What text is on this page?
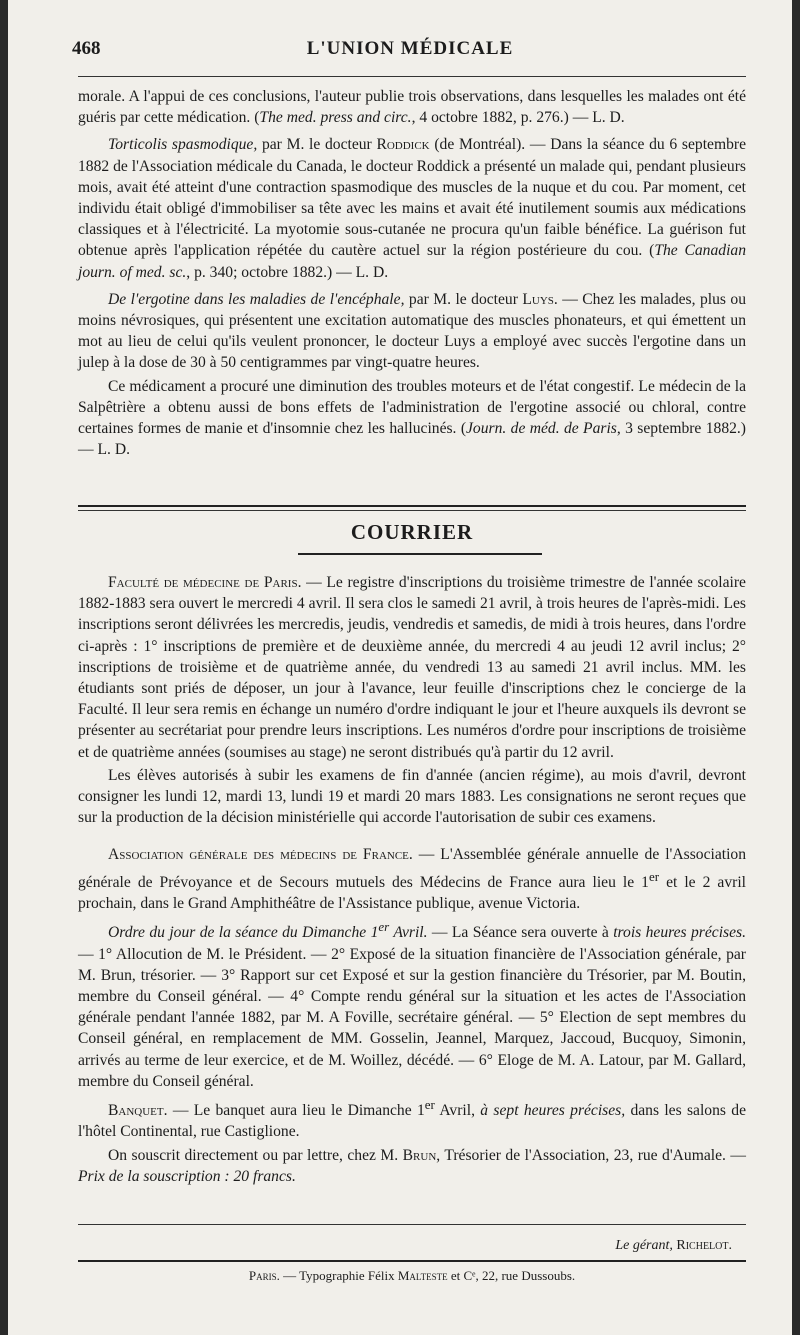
468	L'UNION MÉDICALE

morale. A l'appui de ces conclusions, l'auteur publie trois observations, dans lesquelles les malades ont été guéris par cette médication. (The med. press and circ., 4 octobre 1882, p. 276.) — L. D.

Torticolis spasmodique, par M. le docteur Roddick (de Montréal). — Dans la séance du 6 septembre 1882 de l'Association médicale du Canada, le docteur Roddick a présenté un malade qui, pendant plusieurs mois, avait été atteint d'une contraction spasmodique des muscles de la nuque et du cou. Par moment, cet individu était obligé d'immobiliser sa tête avec les mains et avait été inutilement soumis aux médications classiques et à l'électricité. La myotomie sous-cutanée ne procura qu'un faible bénéfice. La guérison fut obtenue après l'application répétée du cautère actuel sur la région postérieure du cou. (The Canadian journ. of med. sc., p. 340; octobre 1882.) — L. D.

De l'ergotine dans les maladies de l'encéphale, par M. le docteur Luys. — Chez les malades, plus ou moins névrosiques, qui présentent une excitation automatique des muscles phonateurs, et qui émettent un mot au lieu de celui qu'ils veulent prononcer, le docteur Luys a employé avec succès l'ergotine dans un julep à la dose de 30 à 50 centigrammes par vingt-quatre heures.

Ce médicament a procuré une diminution des troubles moteurs et de l'état congestif. Le médecin de la Salpêtrière a obtenu aussi de bons effets de l'administration de l'ergotine associé ou chloral, contre certaines formes de manie et d'insomnie chez les hallucinés. (Journ. de méd. de Paris, 3 septembre 1882.) — L. D.

COURRIER

Faculté de médecine de Paris. — Le registre d'inscriptions du troisième trimestre de l'année scolaire 1882-1883 sera ouvert le mercredi 4 avril. Il sera clos le samedi 21 avril, à trois heures de l'après-midi. Les inscriptions seront délivrées les mercredis, jeudis, vendredis et samedis, de midi à trois heures, dans l'ordre ci-après : 1° inscriptions de première et de deuxième année, du mercredi 4 au jeudi 12 avril inclus; 2° inscriptions de troisième et de quatrième année, du vendredi 13 au samedi 21 avril inclus. MM. les étudiants sont priés de déposer, un jour à l'avance, leur feuille d'inscriptions chez le concierge de la Faculté. Il leur sera remis en échange un numéro d'ordre indiquant le jour et l'heure auxquels ils devront se présenter au secrétariat pour prendre leurs inscriptions. Les numéros d'ordre pour inscriptions de troisième et de quatrième années (soumises au stage) ne seront distribués qu'à partir du 12 avril.

Les élèves autorisés à subir les examens de fin d'année (ancien régime), au mois d'avril, devront consigner les lundi 12, mardi 13, lundi 19 et mardi 20 mars 1883. Les consignations ne seront reçues que sur la production de la décision ministérielle qui accorde l'autorisation de subir ces examens.

Association générale des médecins de France. — L'Assemblée générale annuelle de l'Association générale de Prévoyance et de Secours mutuels des Médecins de France aura lieu le 1er et le 2 avril prochain, dans le Grand Amphithéâtre de l'Assistance publique, avenue Victoria.

Ordre du jour de la séance du Dimanche 1er Avril. — La Séance sera ouverte à trois heures précises. — 1° Allocution de M. le Président. — 2° Exposé de la situation financière de l'Association générale, par M. Brun, trésorier. — 3° Rapport sur cet Exposé et sur la gestion financière du Trésorier, par M. Boutin, membre du Conseil général. — 4° Compte rendu général sur la situation et les actes de l'Association générale pendant l'année 1882, par M. A Foville, secrétaire général. — 5° Election de sept membres du Conseil général, en remplacement de MM. Gosselin, Jeannel, Marquez, Jaccoud, Bucquoy, Simonin, arrivés au terme de leur exercice, et de M. Woillez, décédé. — 6° Eloge de M. A. Latour, par M. Gallard, membre du Conseil général.

Banquet. — Le banquet aura lieu le Dimanche 1er Avril, à sept heures précises, dans les salons de l'hôtel Continental, rue Castiglione.

On souscrit directement ou par lettre, chez M. Brun, Trésorier de l'Association, 23, rue d'Aumale. — Prix de la souscription : 20 francs.

Le gérant, Richelot.
Paris. — Typographie Félix Malteste et Cᵉ, 22, rue Dussoubs.
